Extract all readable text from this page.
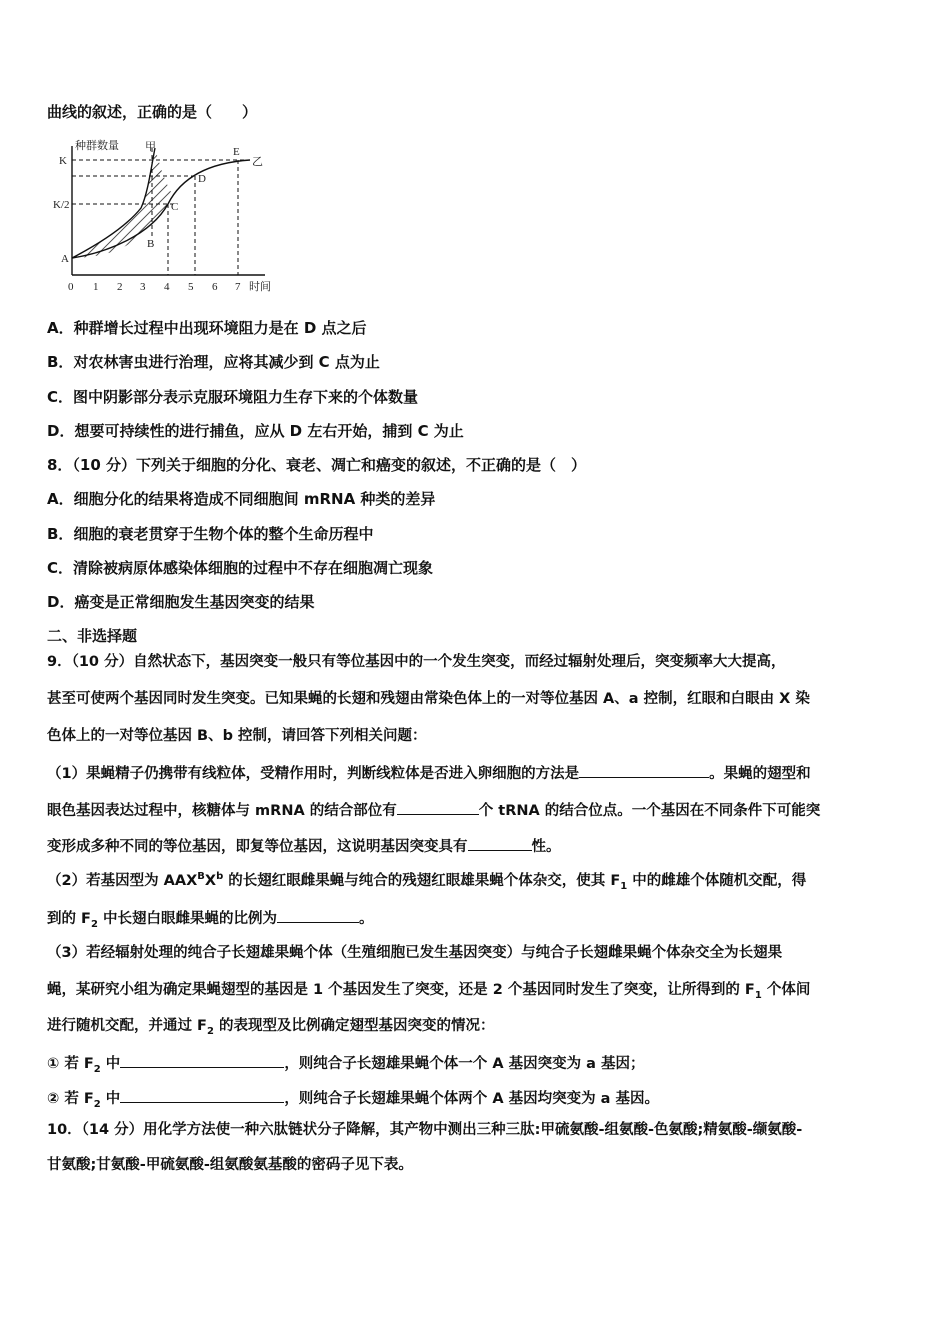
曲线的叙述，正确的是（　　）
种群数量
K
K/2
A
甲
乙
E
D
C
B
0 1 2 3 4 5 6 7 时间
A．种群增长过程中出现环境阻力是在 D 点之后
B．对农林害虫进行治理，应将其减少到 C 点为止
C．图中阴影部分表示克服环境阻力生存下来的个体数量
D．想要可持续性的进行捕鱼，应从 D 左右开始，捕到 C 为止
8．（10 分）下列关于细胞的分化、衰老、凋亡和癌变的叙述，不正确的是（　）
A．细胞分化的结果将造成不同细胞间 mRNA 种类的差异
B．细胞的衰老贯穿于生物个体的整个生命历程中
C．清除被病原体感染体细胞的过程中不存在细胞凋亡现象
D．癌变是正常细胞发生基因突变的结果
二、非选择题
9．（10 分）自然状态下，基因突变一般只有等位基因中的一个发生突变，而经过辐射处理后，突变频率大大提高，
甚至可使两个基因同时发生突变。已知果蝇的长翅和残翅由常染色体上的一对等位基因 A、a 控制，红眼和白眼由 X 染
色体上的一对等位基因 B、b 控制，请回答下列相关问题：
（1）果蝇精子仍携带有线粒体，受精作用时，判断线粒体是否进入卵细胞的方法是	。果蝇的翅型和
眼色基因表达过程中，核糖体与 mRNA 的结合部位有	个 tRNA 的结合位点。一个基因在不同条件下可能突
变形成多种不同的等位基因，即复等位基因，这说明基因突变具有	性。
（2）若基因型为 $AAX^BX^b$ 的长翅红眼雌果蝇与纯合的残翅红眼雄果蝇个体杂交，使其 $F_1$ 中的雌雄个体随机交配，得
到的 $F_2$ 中长翅白眼雌果蝇的比例为	。
（3）若经辐射处理的纯合子长翅雄果蝇个体（生殖细胞已发生基因突变）与纯合子长翅雌果蝇个体杂交全为长翅果
蝇，某研究小组为确定果蝇翅型的基因是 1 个基因发生了突变，还是 2 个基因同时发生了突变，让所得到的 $F_1$ 个体间
进行随机交配，并通过 $F_2$ 的表现型及比例确定翅型基因突变的情况：
① 若 $F_2$ 中	，则纯合子长翅雄果蝇个体一个 A 基因突变为 a 基因；
② 若 $F_2$ 中	，则纯合子长翅雄果蝇个体两个 A 基因均突变为 a 基因。
10．（14 分）用化学方法使一种六肽链状分子降解，其产物中测出三种三肽:甲硫氨酸-组氨酸-色氨酸;精氨酸-缬氨酸-
甘氨酸;甘氨酸-甲硫氨酸-组氨酸氨基酸的密码子见下表。
